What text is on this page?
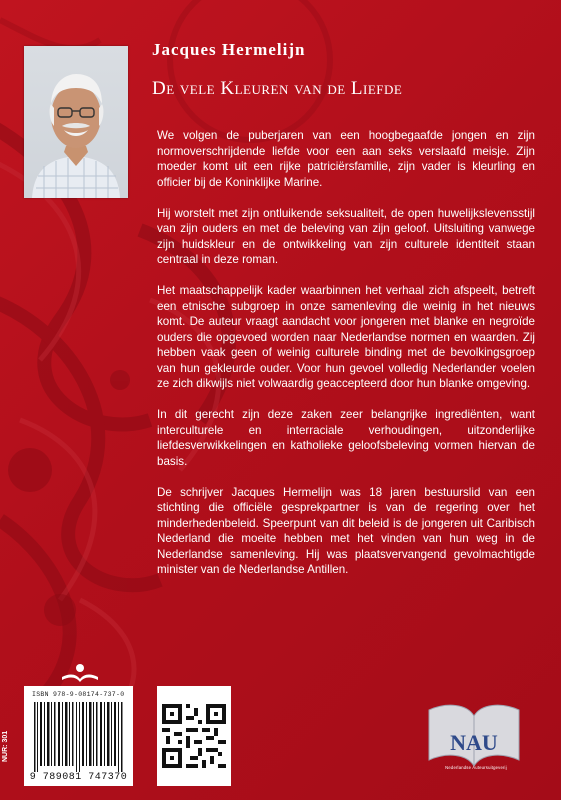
Jacques Hermelijn
De vele Kleuren van de Liefde

We volgen de puberjaren van een hoogbegaafde jongen en zijn normoverschrijdende liefde voor een aan seks verslaafd meisje. Zijn moeder komt uit een rijke patriciërsfamilie, zijn vader is kleurling en officier bij de Koninklijke Marine.

Hij worstelt met zijn ontluikende seksualiteit, de open huwelijkslevensstijl van zijn ouders en met de beleving van zijn geloof. Uitsluiting vanwege zijn huidskleur en de ontwikkeling van zijn culturele identiteit staan centraal in deze roman.

Het maatschappelijk kader waarbinnen het verhaal zich afspeelt, betreft een etnische subgroep in onze samenleving die weinig in het nieuws komt. De auteur vraagt aandacht voor jongeren met blanke en negroïde ouders die opgevoed worden naar Nederlandse normen en waarden. Zij hebben vaak geen of weinig culturele binding met de bevolkingsgroep van hun gekleurde ouder. Voor hun gevoel volledig Nederlander voelen ze zich dikwijls niet volwaardig geaccepteerd door hun blanke omgeving.

In dit gerecht zijn deze zaken zeer belangrijke ingrediënten, want interculturele en interraciale verhoudingen, uitzonderlijke liefdesverwikkelingen en katholieke geloofsbeleving vormen hiervan de basis.

De schrijver Jacques Hermelijn was 18 jaren bestuurslid van een stichting die officiële gesprekpartner is van de regering over het minderhedenbeleid. Speerpunt van dit beleid is de jongeren uit Caribisch Nederland die moeite hebben met het vinden van hun weg in de Nederlandse samenleving. Hij was plaatsvervangend gevolmachtigde minister van de Nederlandse Antillen.

NUR: 301
ISBN 978-9-08174-737-0
9 789081 747370
NAU
Nederlandse Auteursuitgeverij
